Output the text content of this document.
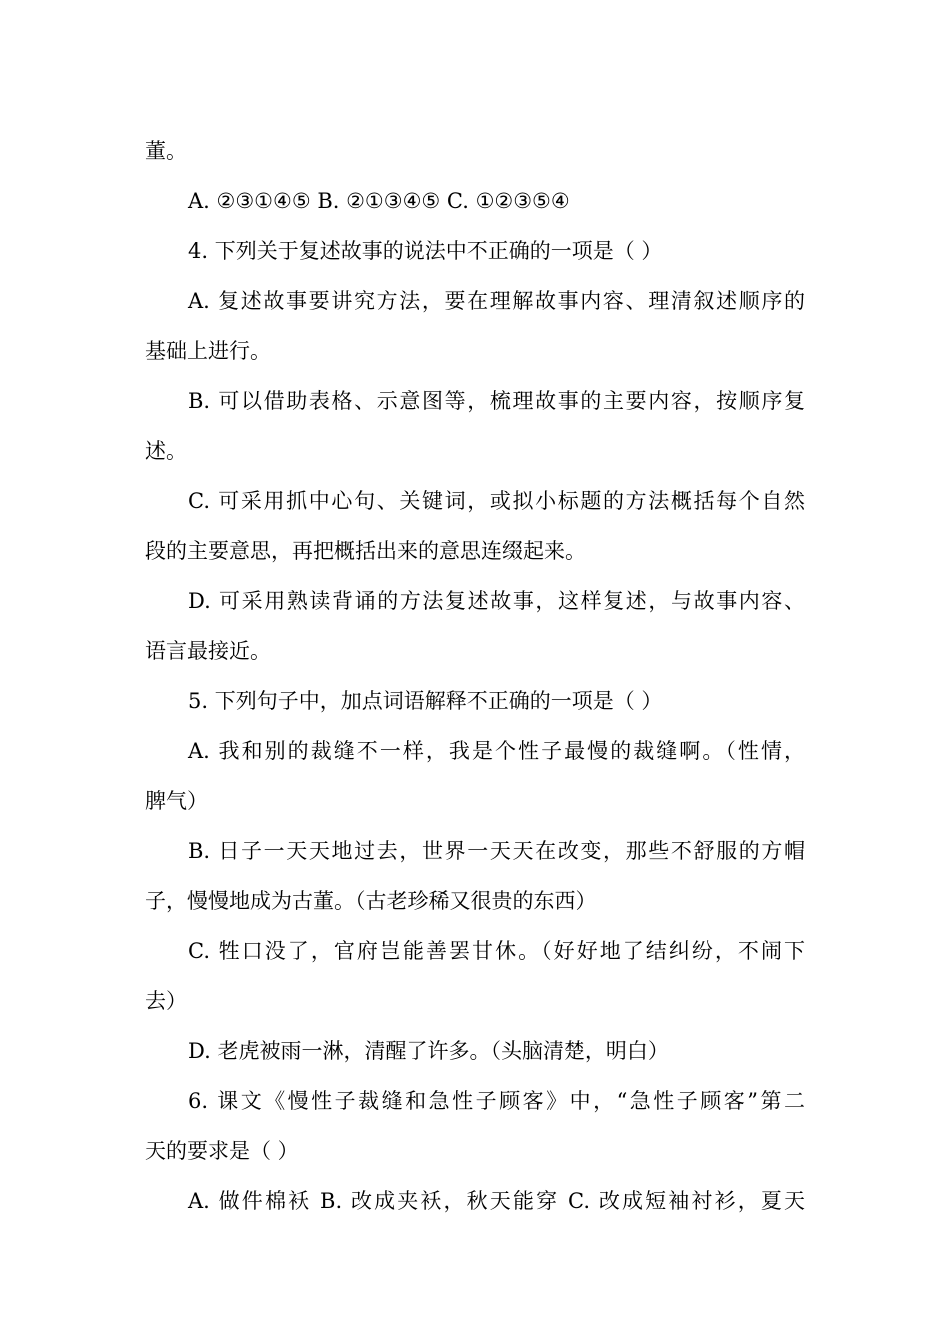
董。
A. ②③①④⑤ B. ②①③④⑤ C. ①②③⑤④
4. 下列关于复述故事的说法中不正确的一项是（ ）
A. 复述故事要讲究方法，要在理解故事内容、理清叙述顺序的
基础上进行。
B. 可以借助表格、示意图等，梳理故事的主要内容，按顺序复
述。
C. 可采用抓中心句、关键词，或拟小标题的方法概括每个自然
段的主要意思，再把概括出来的意思连缀起来。
D. 可采用熟读背诵的方法复述故事，这样复述，与故事内容、
语言最接近。
5. 下列句子中，加点词语解释不正确的一项是（ ）
A. 我和别的裁缝不一样，我是个性子最慢的裁缝啊。（性情，
脾气）
B. 日子一天天地过去，世界一天天在改变，那些不舒服的方帽
子，慢慢地成为古董。（古老珍稀又很贵的东西）
C. 牲口没了，官府岂能善罢甘休。（好好地了结纠纷，不闹下
去）
D. 老虎被雨一淋，清醒了许多。（头脑清楚，明白）
6. 课文《慢性子裁缝和急性子顾客》中，“急性子顾客”第二
天的要求是（ ）
A. 做件棉袄 B. 改成夹袄，秋天能穿 C. 改成短袖衬衫，夏天
